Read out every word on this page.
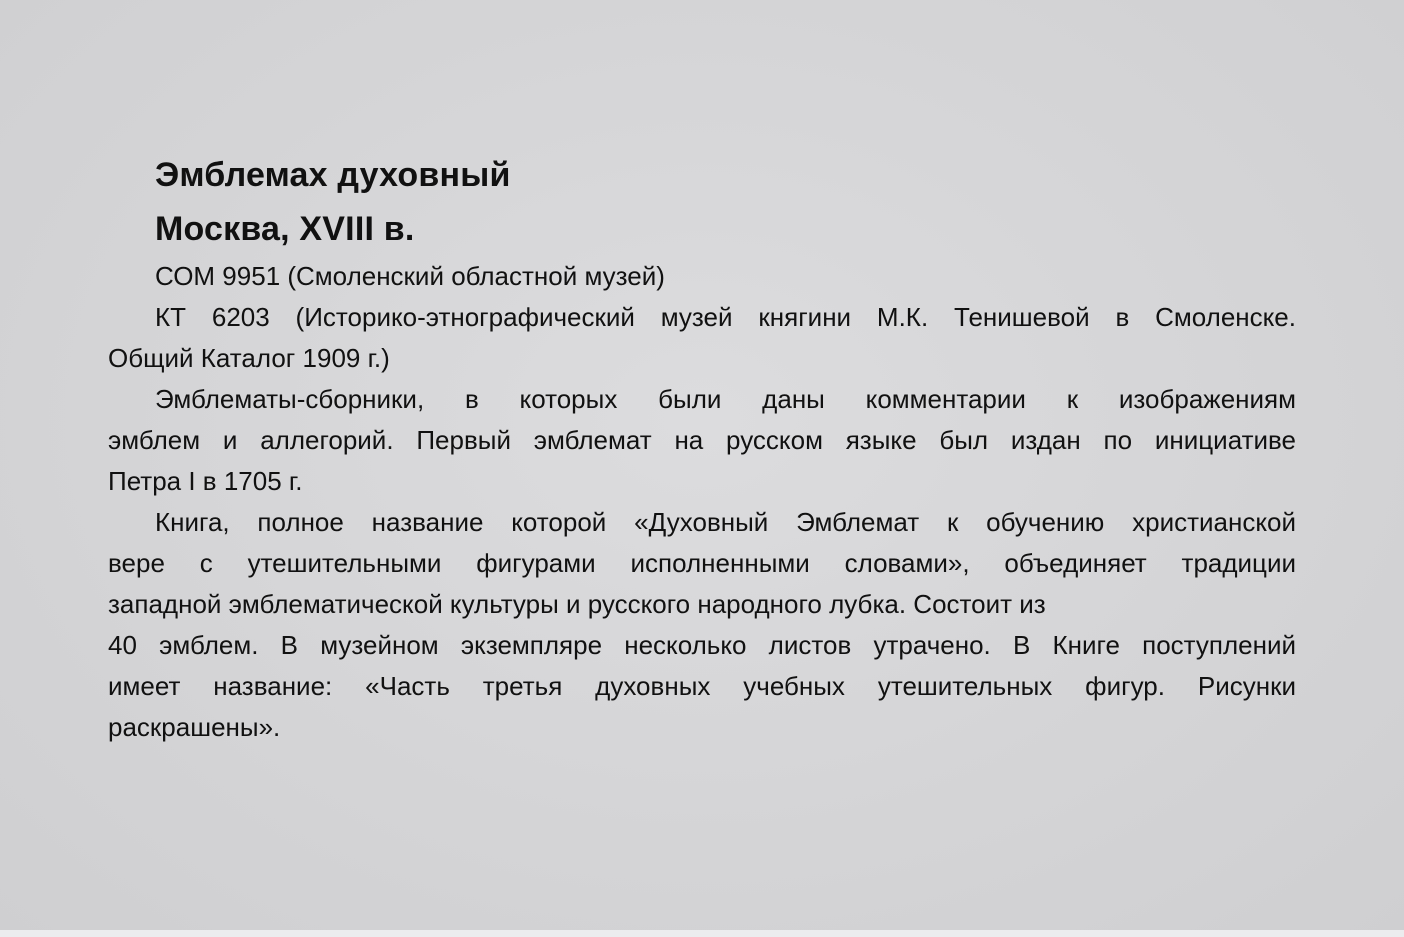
Эмблемах духовный
Москва, XVIII в.
СОМ 9951 (Смоленский областной музей)
КТ 6203 (Историко-этнографический музей княгини М.К. Тенишевой в Смоленске.
Общий Каталог 1909 г.)
Эмблематы-сборники, в которых были даны комментарии к изображениям
эмблем и аллегорий. Первый эмблемат на русском языке был издан по инициативе
Петра I в 1705 г.
Книга, полное название которой «Духовный Эмблемат к обучению христианской
вере с утешительными фигурами исполненными словами», объединяет традиции
западной эмблематической культуры и русского народного лубка. Состоит из
40 эмблем. В музейном экземпляре несколько листов утрачено. В Книге поступлений
имеет название: «Часть третья духовных учебных утешительных фигур. Рисунки
раскрашены».
